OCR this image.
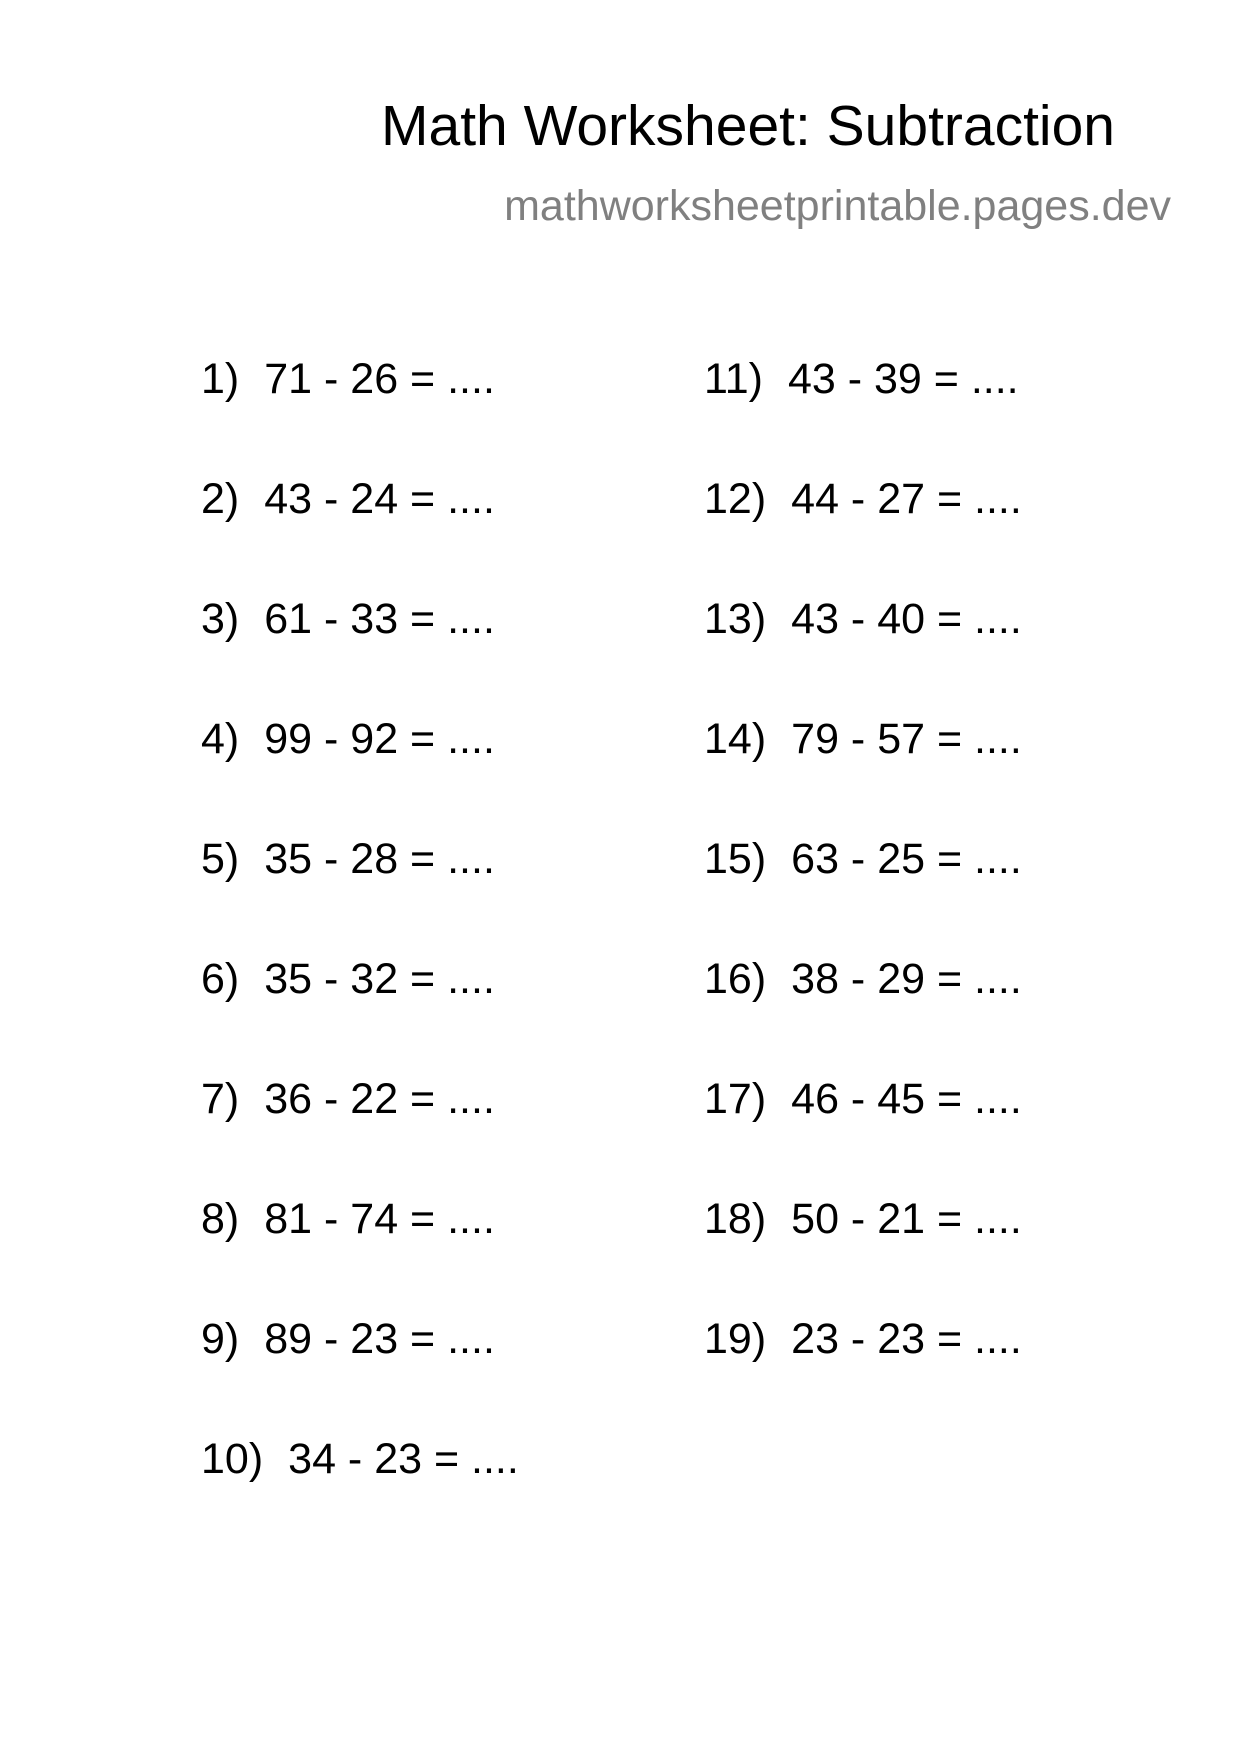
Math Worksheet: Subtraction
mathworksheetprintable.pages.dev
1) 71 - 26 = ....
2) 43 - 24 = ....
3) 61 - 33 = ....
4) 99 - 92 = ....
5) 35 - 28 = ....
6) 35 - 32 = ....
7) 36 - 22 = ....
8) 81 - 74 = ....
9) 89 - 23 = ....
10) 34 - 23 = ....
11) 43 - 39 = ....
12) 44 - 27 = ....
13) 43 - 40 = ....
14) 79 - 57 = ....
15) 63 - 25 = ....
16) 38 - 29 = ....
17) 46 - 45 = ....
18) 50 - 21 = ....
19) 23 - 23 = ....
